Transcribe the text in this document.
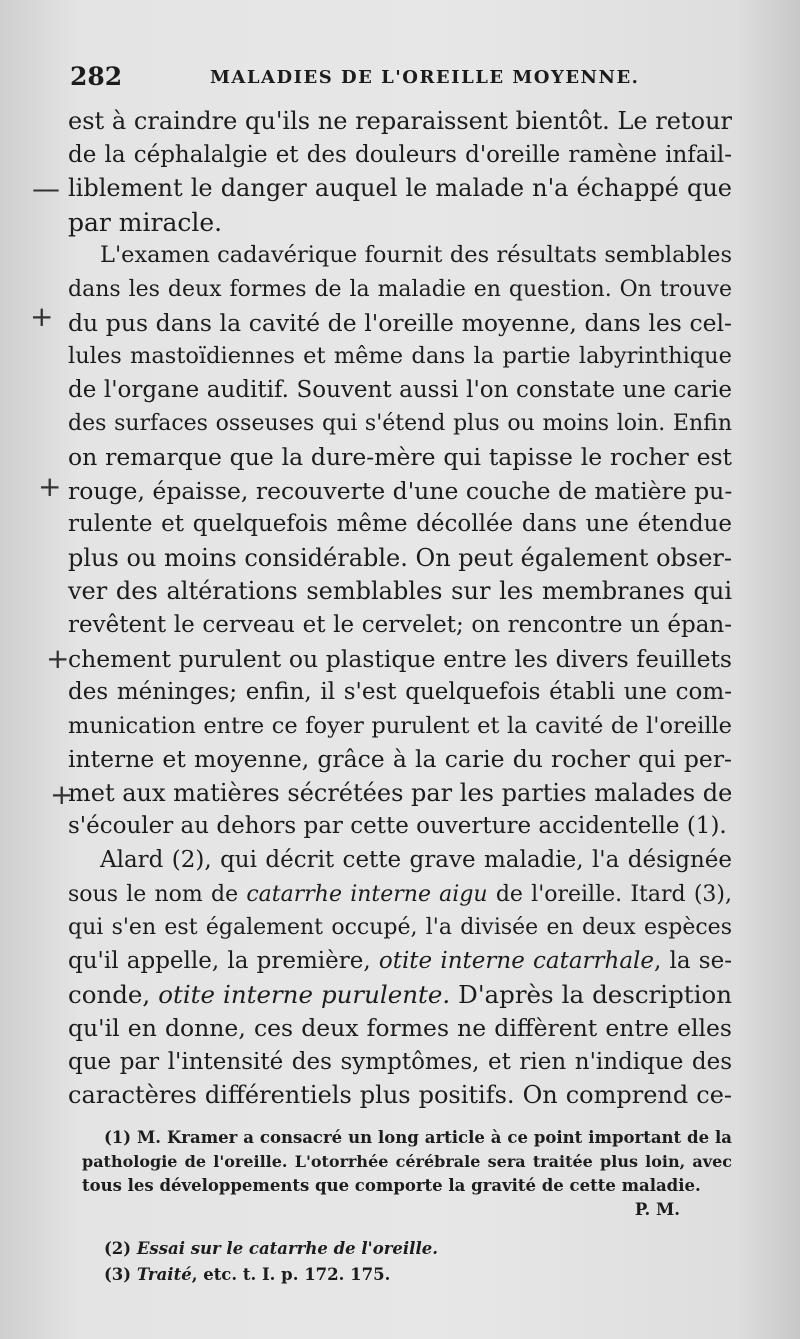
282	MALADIES DE L'OREILLE MOYENNE.
—
+
+
+
+
est à craindre qu'ils ne reparaissent bientôt. Le retour
de la céphalalgie et des douleurs d'oreille ramène infail-
liblement le danger auquel le malade n'a échappé que
par miracle.
L'examen cadavérique fournit des résultats semblables
dans les deux formes de la maladie en question. On trouve
du pus dans la cavité de l'oreille moyenne, dans les cel-
lules mastoïdiennes et même dans la partie labyrinthique
de l'organe auditif. Souvent aussi l'on constate une carie
des surfaces osseuses qui s'étend plus ou moins loin. Enfin
on remarque que la dure-mère qui tapisse le rocher est
rouge, épaisse, recouverte d'une couche de matière pu-
rulente et quelquefois même décollée dans une étendue
plus ou moins considérable. On peut également obser-
ver des altérations semblables sur les membranes qui
revêtent le cerveau et le cervelet; on rencontre un épan-
chement purulent ou plastique entre les divers feuillets
des méninges; enfin, il s'est quelquefois établi une com-
munication entre ce foyer purulent et la cavité de l'oreille
interne et moyenne, grâce à la carie du rocher qui per-
met aux matières sécrétées par les parties malades de
s'écouler au dehors par cette ouverture accidentelle (1).
Alard (2), qui décrit cette grave maladie, l'a désignée
sous le nom de catarrhe interne aigu de l'oreille. Itard (3),
qui s'en est également occupé, l'a divisée en deux espèces
qu'il appelle, la première, otite interne catarrhale, la se-
conde, otite interne purulente. D'après la description
qu'il en donne, ces deux formes ne diffèrent entre elles
que par l'intensité des symptômes, et rien n'indique des
caractères différentiels plus positifs. On comprend ce-
(1) M. Kramer a consacré un long article à ce point important de la
pathologie de l'oreille. L'otorrhée cérébrale sera traitée plus loin, avec
tous les développements que comporte la gravité de cette maladie.
P. M.
(2) Essai sur le catarrhe de l'oreille.
(3) Traité, etc. t. I. p. 172. 175.
